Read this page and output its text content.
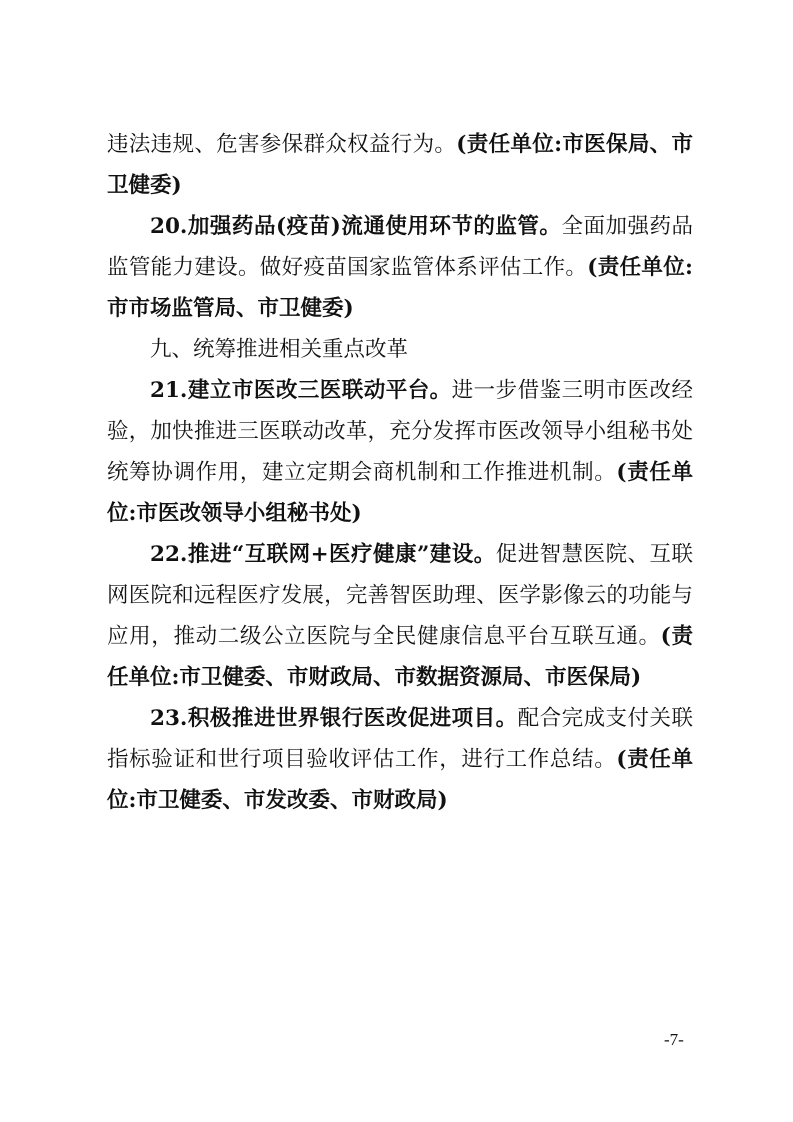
违法违规、危害参保群众权益行为。(责任单位:市医保局、市卫健委)

20.加强药品(疫苗)流通使用环节的监管。全面加强药品监管能力建设。做好疫苗国家监管体系评估工作。(责任单位:市市场监管局、市卫健委)

九、统筹推进相关重点改革

21.建立市医改三医联动平台。进一步借鉴三明市医改经验，加快推进三医联动改革，充分发挥市医改领导小组秘书处统筹协调作用，建立定期会商机制和工作推进机制。(责任单位:市医改领导小组秘书处)

22.推进“互联网+医疗健康”建设。促进智慧医院、互联网医院和远程医疗发展，完善智医助理、医学影像云的功能与应用，推动二级公立医院与全民健康信息平台互联互通。(责任单位:市卫健委、市财政局、市数据资源局、市医保局)

23.积极推进世界银行医改促进项目。配合完成支付关联指标验证和世行项目验收评估工作，进行工作总结。(责任单位:市卫健委、市发改委、市财政局)

-7-
